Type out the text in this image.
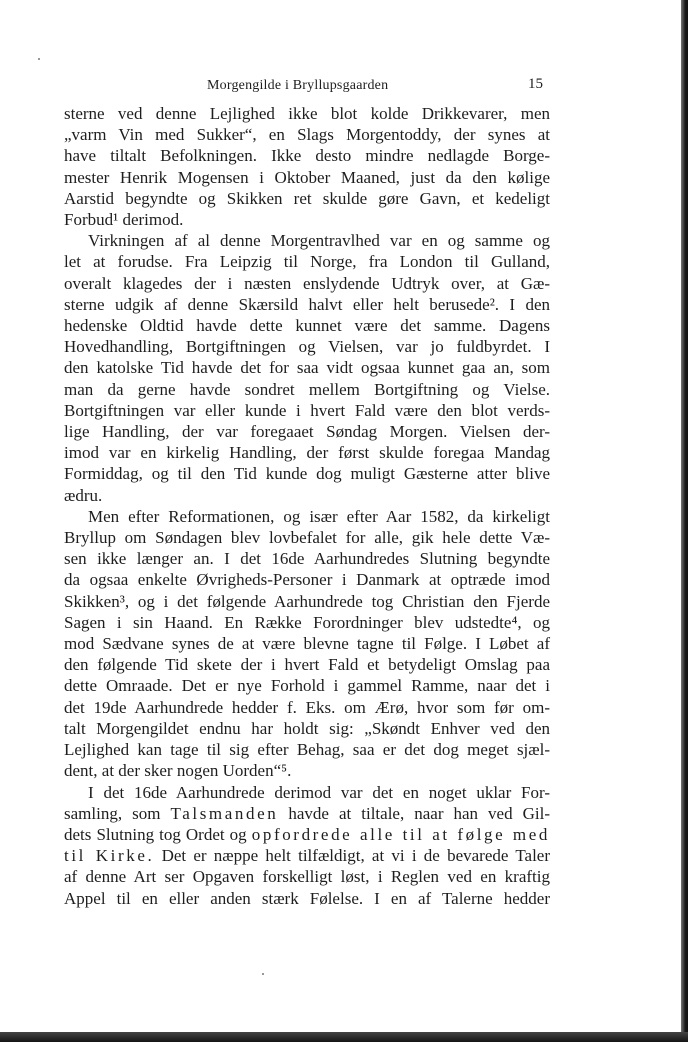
Morgengilde i Bryllupsgaarden	15
sterne ved denne Lejlighed ikke blot kolde Drikkevarer, men
„varm Vin med Sukker“, en Slags Morgentoddy, der synes at
have tiltalt Befolkningen. Ikke desto mindre nedlagde Borge-
mester Henrik Mogensen i Oktober Maaned, just da den kølige
Aarstid begyndte og Skikken ret skulde gøre Gavn, et kedeligt
Forbud¹ derimod.
Virkningen af al denne Morgentravlhed var en og samme og
let at forudse. Fra Leipzig til Norge, fra London til Gulland,
overalt klagedes der i næsten enslydende Udtryk over, at Gæ-
sterne udgik af denne Skærsild halvt eller helt berusede². I den
hedenske Oldtid havde dette kunnet være det samme. Dagens
Hovedhandling, Bortgiftningen og Vielsen, var jo fuldbyrdet. I
den katolske Tid havde det for saa vidt ogsaa kunnet gaa an, som
man da gerne havde sondret mellem Bortgiftning og Vielse.
Bortgiftningen var eller kunde i hvert Fald være den blot verds-
lige Handling, der var foregaaet Søndag Morgen. Vielsen der-
imod var en kirkelig Handling, der først skulde foregaa Mandag
Formiddag, og til den Tid kunde dog muligt Gæsterne atter blive
ædru.
Men efter Reformationen, og især efter Aar 1582, da kirkeligt
Bryllup om Søndagen blev lovbefalet for alle, gik hele dette Væ-
sen ikke længer an. I det 16de Aarhundredes Slutning begyndte
da ogsaa enkelte Øvrigheds-Personer i Danmark at optræde imod
Skikken³, og i det følgende Aarhundrede tog Christian den Fjerde
Sagen i sin Haand. En Række Forordninger blev udstedte⁴, og
mod Sædvane synes de at være blevne tagne til Følge. I Løbet af
den følgende Tid skete der i hvert Fald et betydeligt Omslag paa
dette Omraade. Det er nye Forhold i gammel Ramme, naar det i
det 19de Aarhundrede hedder f. Eks. om Ærø, hvor som før om-
talt Morgengildet endnu har holdt sig: „Skøndt Enhver ved den
Lejlighed kan tage til sig efter Behag, saa er det dog meget sjæl-
dent, at der sker nogen Uorden“⁵.
I det 16de Aarhundrede derimod var det en noget uklar For-
samling, som Talsmanden havde at tiltale, naar han ved Gil-
dets Slutning tog Ordet og opfordrede alle til at følge med
til Kirke. Det er næppe helt tilfældigt, at vi i de bevarede Taler
af denne Art ser Opgaven forskelligt løst, i Reglen ved en kraftig
Appel til en eller anden stærk Følelse. I en af Talerne hedder
